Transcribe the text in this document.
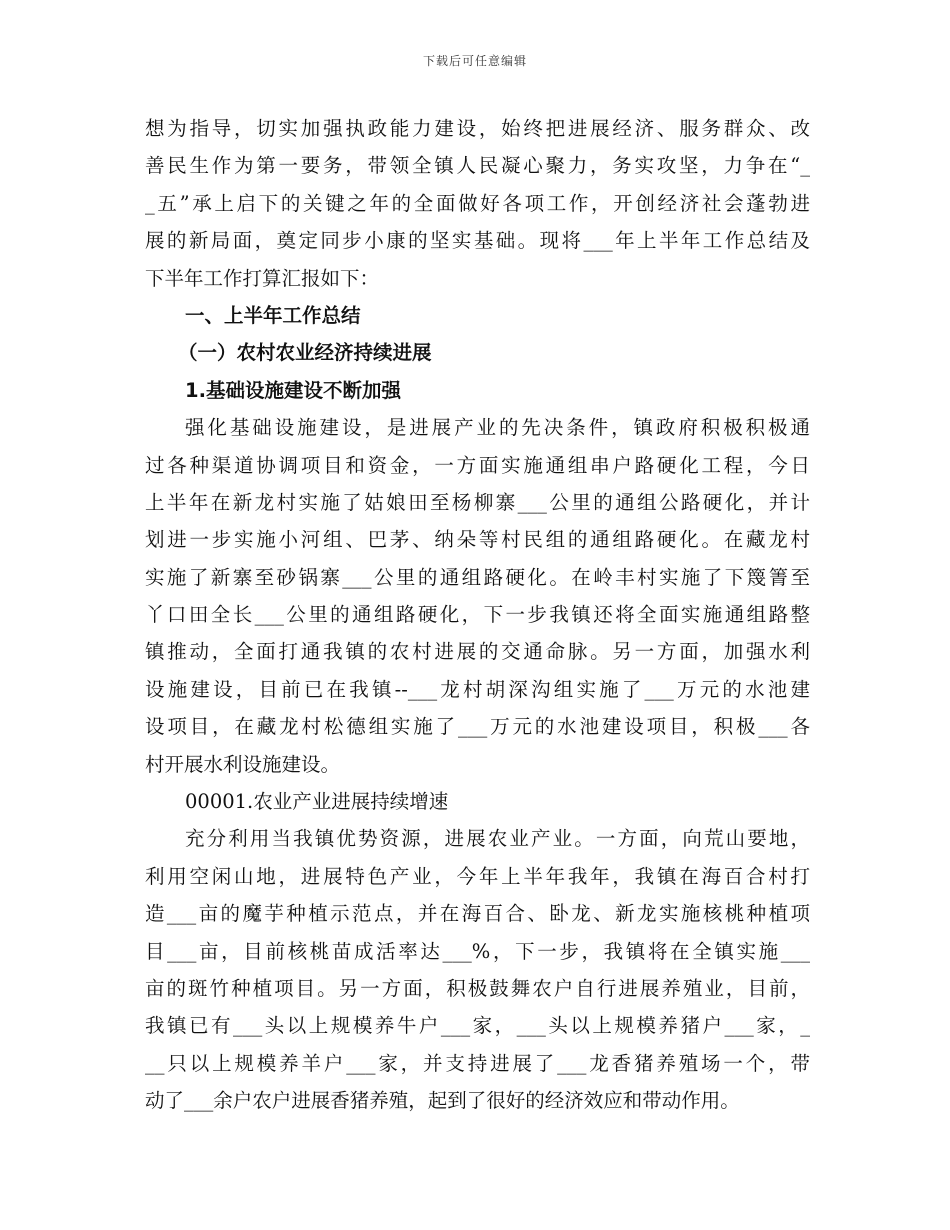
下载后可任意编辑
想为指导，切实加强执政能力建设，始终把进展经济、服务群众、改
善民生作为第一要务，带领全镇人民凝心聚力，务实攻坚，力争在“_
_五”承上启下的关键之年的全面做好各项工作，开创经济社会蓬勃进
展的新局面，奠定同步小康的坚实基础。现将___年上半年工作总结及
下半年工作打算汇报如下：
一、上半年工作总结
（一）农村农业经济持续进展
1.基础设施建设不断加强
强化基础设施建设，是进展产业的先决条件，镇政府积极积极通
过各种渠道协调项目和资金，一方面实施通组串户路硬化工程，今日
上半年在新龙村实施了姑娘田至杨柳寨___公里的通组公路硬化，并计
划进一步实施小河组、巴茅、纳朵等村民组的通组路硬化。在藏龙村
实施了新寨至砂锅寨___公里的通组路硬化。在岭丰村实施了下篾箐至
丫口田全长___公里的通组路硬化，下一步我镇还将全面实施通组路整
镇推动，全面打通我镇的农村进展的交通命脉。另一方面，加强水利
设施建设，目前已在我镇--___龙村胡深沟组实施了___万元的水池建
设项目，在藏龙村松德组实施了___万元的水池建设项目，积极___各
村开展水利设施建设。
00001.农业产业进展持续增速
充分利用当我镇优势资源，进展农业产业。一方面，向荒山要地，
利用空闲山地，进展特色产业，今年上半年我年，我镇在海百合村打
造___亩的魔芋种植示范点，并在海百合、卧龙、新龙实施核桃种植项
目___亩，目前核桃苗成活率达___%，下一步，我镇将在全镇实施___
亩的斑竹种植项目。另一方面，积极鼓舞农户自行进展养殖业，目前，
我镇已有___头以上规模养牛户___家，___头以上规模养猪户___家，_
__只以上规模养羊户___家，并支持进展了___龙香猪养殖场一个，带
动了___余户农户进展香猪养殖，起到了很好的经济效应和带动作用。
